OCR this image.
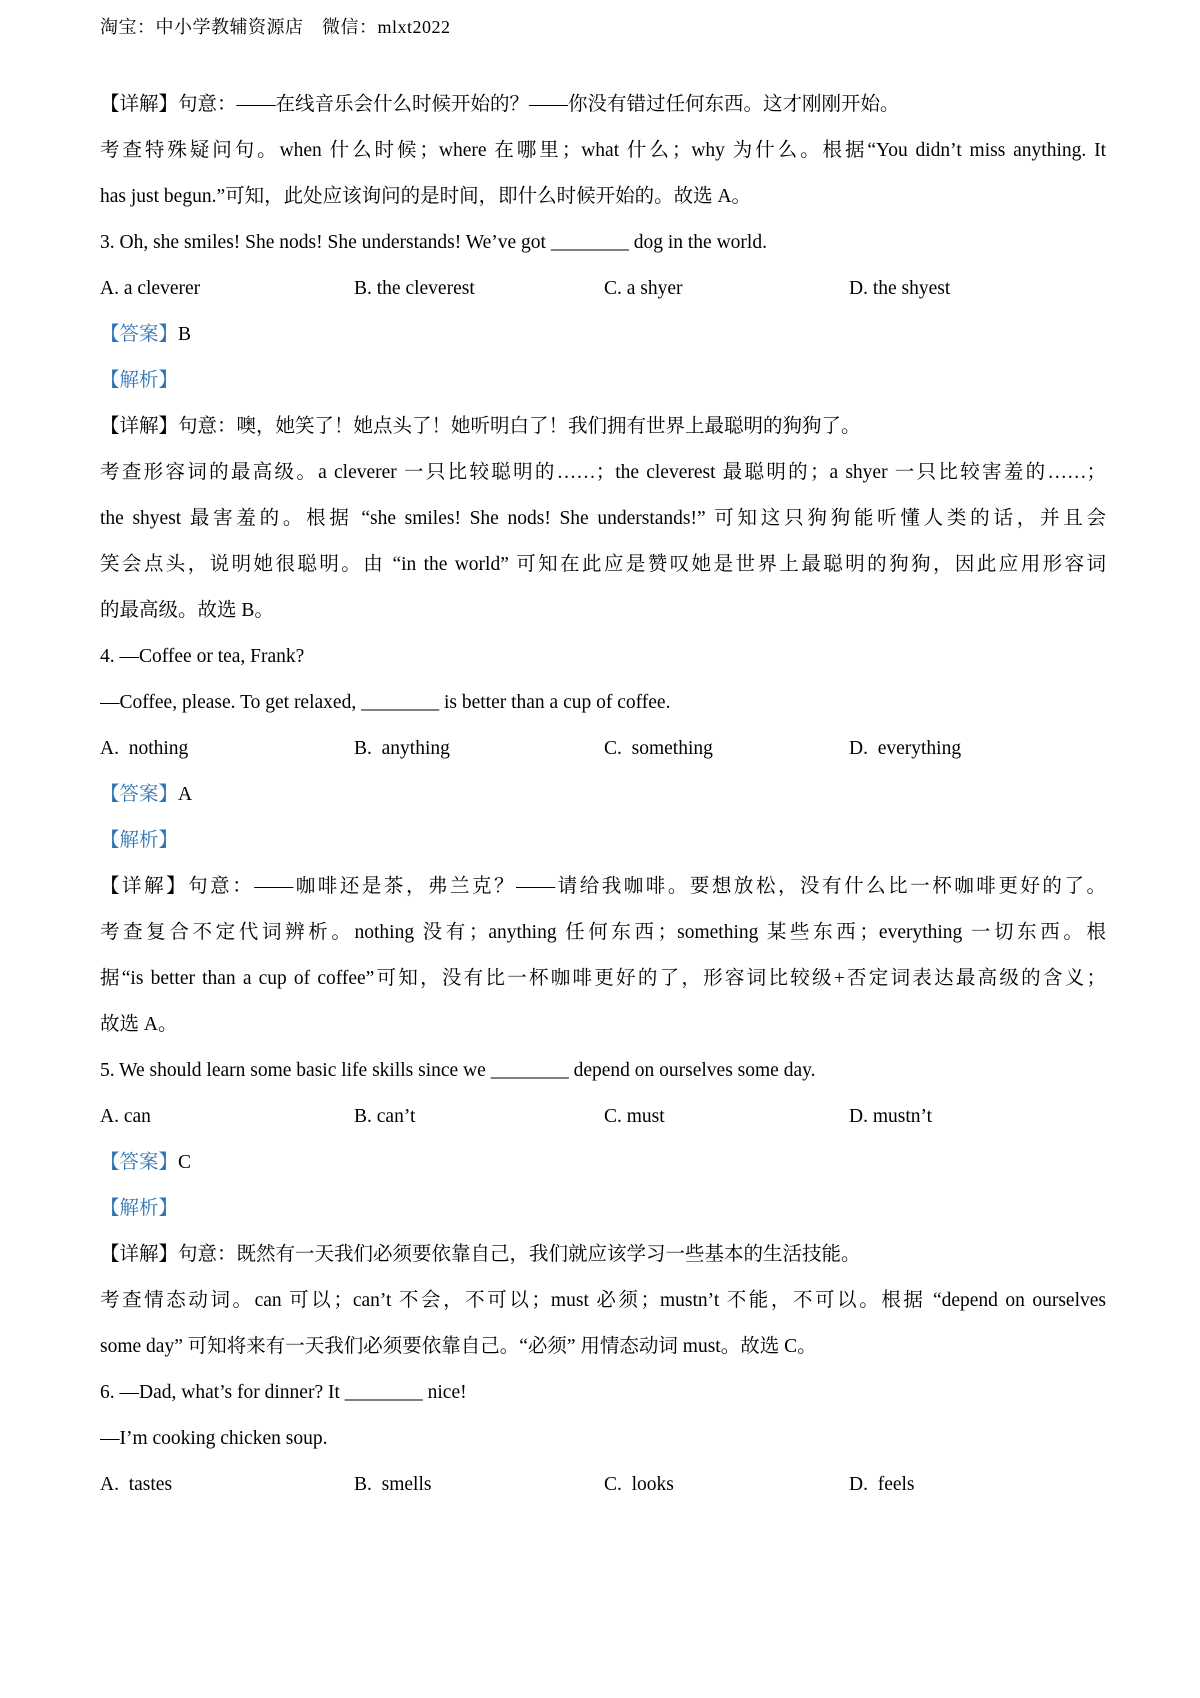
淘宝：中小学教辅资源店　微信：mlxt2022
【详解】句意：——在线音乐会什么时候开始的？——你没有错过任何东西。这才刚刚开始。
考查特殊疑问句。when 什么时候；where 在哪里；what 什么；why 为什么。根据“You didn’t miss anything. It
has just begun.”可知，此处应该询问的是时间，即什么时候开始的。故选 A。
3. Oh, she smiles! She nods! She understands! We’ve got ________ dog in the world.
A. a cleverer	B. the cleverest	C. a shyer	D. the shyest
【答案】B
【解析】
【详解】句意：噢，她笑了！她点头了！她听明白了！我们拥有世界上最聪明的狗狗了。
考查形容词的最高级。a cleverer 一只比较聪明的……；the cleverest 最聪明的；a shyer 一只比较害羞的……；
the shyest 最害羞的。根据 “she smiles! She nods! She understands!” 可知这只狗狗能听懂人类的话，并且会
笑会点头，说明她很聪明。由 “in the world” 可知在此应是赞叹她是世界上最聪明的狗狗，因此应用形容词
的最高级。故选 B。
4. —Coffee or tea, Frank?
—Coffee, please. To get relaxed, ________ is better than a cup of coffee.
A.  nothing	B.  anything	C.  something	D.  everything
【答案】A
【解析】
【详解】句意：——咖啡还是茶，弗兰克？——请给我咖啡。要想放松，没有什么比一杯咖啡更好的了。
考查复合不定代词辨析。nothing 没有；anything 任何东西；something 某些东西；everything 一切东西。根
据“is better than a cup of coffee”可知，没有比一杯咖啡更好的了，形容词比较级+否定词表达最高级的含义；
故选 A。
5. We should learn some basic life skills since we ________ depend on ourselves some day.
A. can	B. can’t	C. must	D. mustn’t
【答案】C
【解析】
【详解】句意：既然有一天我们必须要依靠自己，我们就应该学习一些基本的生活技能。
考查情态动词。can 可以；can’t 不会，不可以；must 必须；mustn’t 不能，不可以。根据 “depend on ourselves
some day” 可知将来有一天我们必须要依靠自己。“必须” 用情态动词 must。故选 C。
6. —Dad, what’s for dinner? It ________ nice!
—I’m cooking chicken soup.
A.  tastes	B.  smells	C.  looks	D.  feels
